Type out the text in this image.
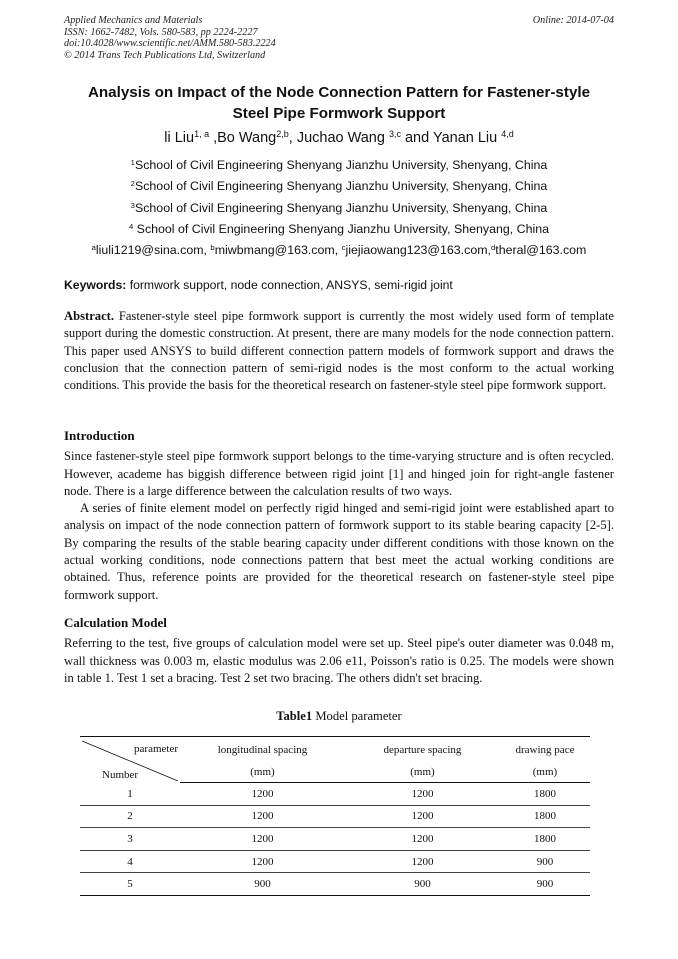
Applied Mechanics and Materials
ISSN: 1662-7482, Vols. 580-583, pp 2224-2227
doi:10.4028/www.scientific.net/AMM.580-583.2224
© 2014 Trans Tech Publications Ltd, Switzerland
Online: 2014-07-04
Analysis on Impact of the Node Connection Pattern for Fastener-style
Steel Pipe Formwork Support
li Liu$^{1, a}$ ,Bo Wang$^{2,b}$, Juchao Wang $^{3,c}$ and Yanan Liu $^{4,d}$
$^1$School of Civil Engineering Shenyang Jianzhu University, Shenyang, China
$^2$School of Civil Engineering Shenyang Jianzhu University, Shenyang, China
$^3$School of Civil Engineering Shenyang Jianzhu University, Shenyang, China
$^4$ School of Civil Engineering Shenyang Jianzhu University, Shenyang, China
$^a$liuli1219@sina.com, $^b$miwbmang@163.com, $^c$jiejiaowang123@163.com,$^d$theral@163.com
Keywords: formwork support, node connection, ANSYS, semi-rigid joint

Abstract. Fastener-style steel pipe formwork support is currently the most widely used form of template support during the domestic construction. At present, there are many models for the node connection pattern. This paper used ANSYS to build different connection pattern models of formwork support and draws the conclusion that the connection pattern of semi-rigid nodes is the most conform to the actual working conditions. This provide the basis for the theoretical research on fastener-style steel pipe formwork support.

Introduction

Since fastener-style steel pipe formwork support belongs to the time-varying structure and is often recycled. However, academe has biggish difference between rigid joint [1] and hinged join for right-angle fastener node. There is a large difference between the calculation results of two ways.

A series of finite element model on perfectly rigid hinged and semi-rigid joint were established apart to analysis on impact of the node connection pattern of formwork support to its stable bearing capacity [2-5]. By comparing the results of the stable bearing capacity under different conditions with those known on the actual working conditions, node connections pattern that best meet the actual working conditions are obtained. Thus, reference points are provided for the theoretical research on fastener-style steel pipe formwork support.

Calculation Model

Referring to the test, five groups of calculation model were set up. Steel pipe's outer diameter was 0.048 m, wall thickness was 0.003 m, elastic modulus was 2.06 e11, Poisson's ratio is 0.25. The models were shown in table 1. Test 1 set a bracing. Test 2 set two bracing. The others didn't set bracing.

Table1 Model parameter
parameter
Number	longitudinal spacing	departure spacing	drawing pace
	(mm)	(mm)	(mm)
1	1200	1200	1800
2	1200	1200	1800
3	1200	1200	1800
4	1200	1200	900
5	900	900	900
